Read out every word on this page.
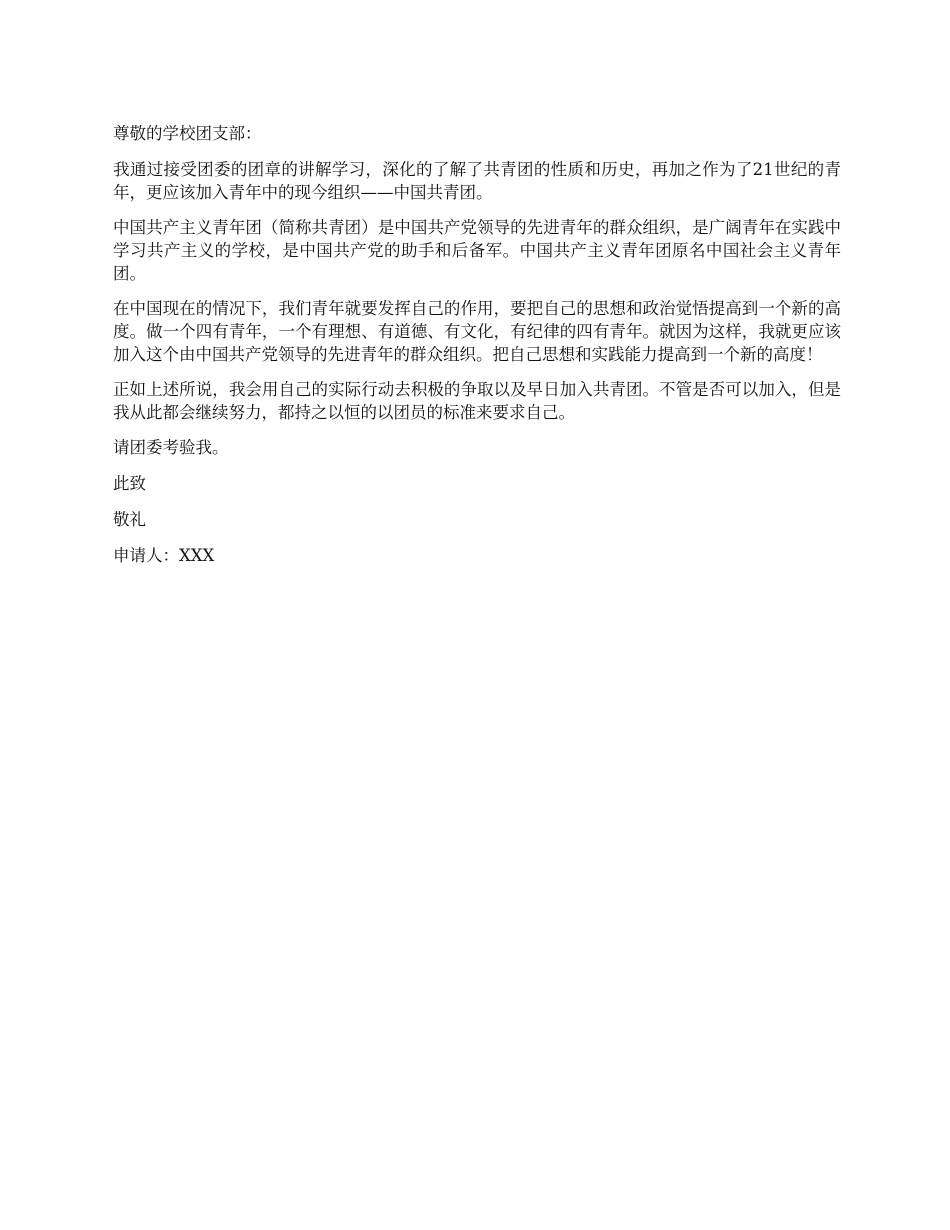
尊敬的学校团支部：

我通过接受团委的团章的讲解学习，深化的了解了共青团的性质和历史，再加之作为了21世纪的青年，更应该加入青年中的现今组织——中国共青团。

中国共产主义青年团（简称共青团）是中国共产党领导的先进青年的群众组织，是广阔青年在实践中学习共产主义的学校，是中国共产党的助手和后备军。中国共产主义青年团原名中国社会主义青年团。

在中国现在的情况下，我们青年就要发挥自己的作用，要把自己的思想和政治觉悟提高到一个新的高度。做一个四有青年，一个有理想、有道德、有文化，有纪律的四有青年。就因为这样，我就更应该加入这个由中国共产党领导的先进青年的群众组织。把自己思想和实践能力提高到一个新的高度！

正如上述所说，我会用自己的实际行动去积极的争取以及早日加入共青团。不管是否可以加入，但是我从此都会继续努力，都持之以恒的以团员的标准来要求自己。

请团委考验我。

此致

敬礼

申请人：XXX
